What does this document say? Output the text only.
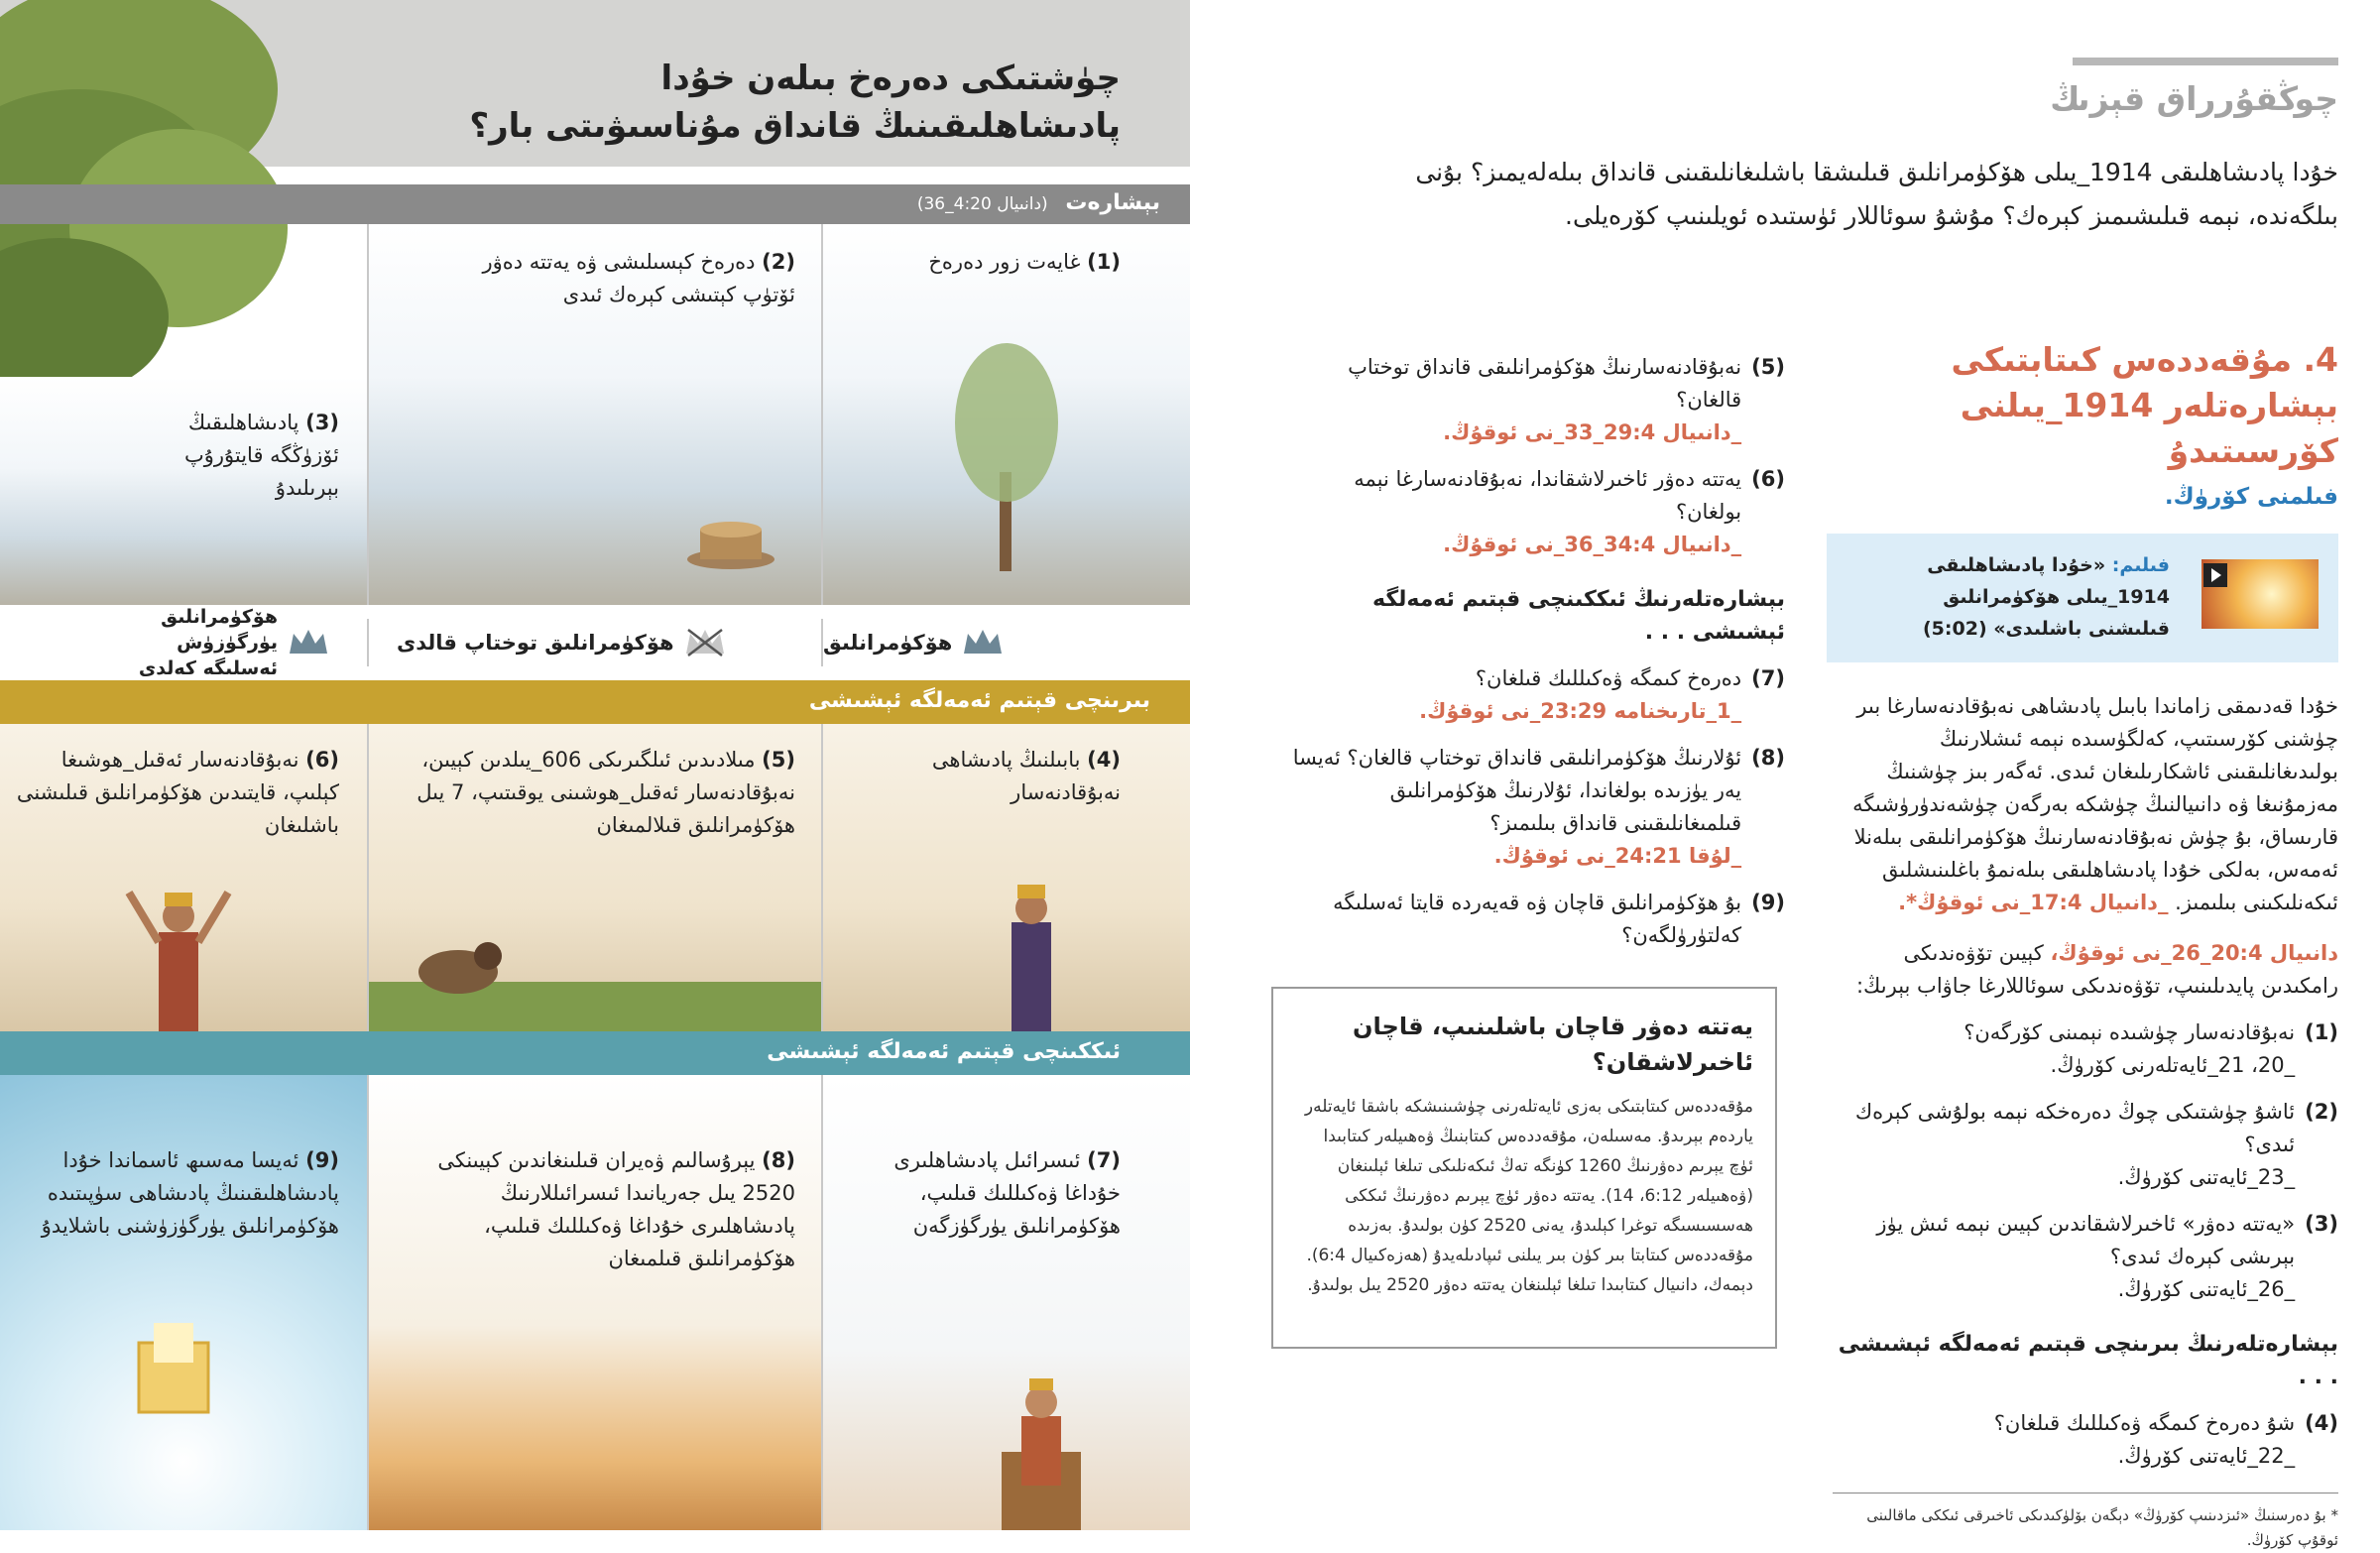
چۈشتىكى دەرەخ بىلەن خۇدا پادىشاھلىقىنىڭ قانداق مۇناسىۋىتى بار؟
بېشارەت (دانىيال 4:20_36)
(1) غايەت زور دەرەخ
(2) دەرەخ كېسىلىشى ۋە يەتتە دەۋر ئۆتۈپ كېتىشى كېرەك ئىدى
(3) پادىشاھلىقىڭ ئۆزۈڭگە قايتۇرۇپ بېرىلىدۇ
ھۆكۈمرانلىق
ھۆكۈمرانلىق توختاپ قالدى
ھۆكۈمرانلىق يۈرگۈزۈش ئەسلىگە كەلدى
بىرىنچى قېتىم ئەمەلگە ئېشىشى
(4) بابىلنىڭ پادىشاھى نەبۇقادنەسار
(5) مىلادىدىن ئىلگىرىكى 606_يىلدىن كېيىن، نەبۇقادنەسار ئەقىل_ھوشىنى يوقىتىپ، 7 يىل ھۆكۈمرانلىق قىلالمىغان
(6) نەبۇقادنەسار ئەقىل_ھوشىغا كېلىپ، قايتىدىن ھۆكۈمرانلىق قىلىشنى باشلىغان
ئىككىنچى قېتىم ئەمەلگە ئېشىشى
(7) ئىسرائىل پادىشاھلىرى خۇداغا ۋەكىللىك قىلىپ، ھۆكۈمرانلىق يۈرگۈزگەن
(8) يېرۇسالىم ۋەيران قىلىنغاندىن كېيىنكى 2520 يىل جەريانىدا ئىسرائىللارنىڭ پادىشاھلىرى خۇداغا ۋەكىللىك قىلىپ، ھۆكۈمرانلىق قىلمىغان
(9) ئەيسا مەسىھ ئاسماندا خۇدا پادىشاھلىقىنىڭ پادىشاھى سۈپىتىدە ھۆكۈمرانلىق يۈرگۈزۈشنى باشلايدۇ
چوڭقۇرراق قېزىڭ
خۇدا پادىشاھلىقى 1914_يىلى ھۆكۈمرانلىق قىلىشقا باشلىغانلىقىنى قانداق بىلەلەيمىز؟ بۇنى بىلگەندە، نېمە قىلىشىمىز كېرەك؟ مۇشۇ سوئاللار ئۈستىدە ئويلىنىپ كۆرەيلى.
4. مۇقەددەس كىتابتىكى بېشارەتلەر 1914_يىلنى كۆرسىتىدۇ
فىلمنى كۆرۈڭ.
فىلىم: «خۇدا پادىشاھلىقى 1914_يىلى ھۆكۈمرانلىق قىلىشنى باشلىدى» (5:02)
خۇدا قەدىمقى زاماندا بابىل پادىشاھى نەبۇقادنەسارغا بىر چۈشنى كۆرسىتىپ، كەلگۈسىدە نېمە ئىشلارنىڭ بولىدىغانلىقىنى ئاشكارىلىغان ئىدى. ئەگەر بىز چۈشنىڭ مەزمۇنىغا ۋە دانىيالنىڭ چۈشكە بەرگەن چۈشەندۈرۈشىگە قارىساق، بۇ چۈش نەبۇقادنەسارنىڭ ھۆكۈمرانلىقى بىلەنلا ئەمەس، بەلكى خۇدا پادىشاھلىقى بىلەنمۇ باغلىنىشلىق ئىكەنلىكىنى بىلىمىز. _دانىيال 17:4_نى ئوقۇڭ*.
دانىيال 20:4_26_نى ئوقۇڭ، كېيىن تۆۋەندىكى رامكىدىن پايدىلىنىپ، تۆۋەندىكى سوئاللارغا جاۋاب بېرىڭ:
(1)
نەبۇقادنەسار چۈشىدە نېمىنى كۆرگەن؟
_20، 21_ئايەتلەرنى كۆرۈڭ.
(2)
ئاشۇ چۈشتىكى چوڭ دەرەخكە نېمە بولۇشى كېرەك ئىدى؟
_23_ئايەتنى كۆرۈڭ.
(3)
«يەتتە دەۋر» ئاخىرلاشقاندىن كېيىن نېمە ئىش يۈز بېرىشى كېرەك ئىدى؟
_26_ئايەتنى كۆرۈڭ.
بېشارەتلەرنىڭ بىرىنچى قېتىم ئەمەلگە ئېشىشى . . .
(4)
شۇ دەرەخ كىمگە ۋەكىللىك قىلغان؟
_22_ئايەتنى كۆرۈڭ.
* بۇ دەرسنىڭ «ئىزدىنىپ كۆرۈڭ» دېگەن بۆلۈكىدىكى ئاخىرقى ئىككى ماقالىنى ئوقۇپ كۆرۈڭ.
(5)
نەبۇقادنەسارنىڭ ھۆكۈمرانلىقى قانداق توختاپ قالغان؟
_دانىيال 29:4_33_نى ئوقۇڭ.
(6)
يەتتە دەۋر ئاخىرلاشقاندا، نەبۇقادنەسارغا نېمە بولغان؟
_دانىيال 34:4_36_نى ئوقۇڭ.
بېشارەتلەرنىڭ ئىككىنچى قېتىم ئەمەلگە ئېشىشى . . .
(7)
دەرەخ كىمگە ۋەكىللىك قىلغان؟
_1_تارىخنامە 23:29_نى ئوقۇڭ.
(8)
ئۇلارنىڭ ھۆكۈمرانلىقى قانداق توختاپ قالغان؟ ئەيسا يەر يۈزىدە بولغاندا، ئۇلارنىڭ ھۆكۈمرانلىق قىلمىغانلىقىنى قانداق بىلىمىز؟
_لۇقا 24:21_نى ئوقۇڭ.
(9)
بۇ ھۆكۈمرانلىق قاچان ۋە قەيەردە قايتا ئەسلىگە كەلتۈرۈلگەن؟
يەتتە دەۋر قاچان باشلىنىپ، قاچان ئاخىرلاشقان؟

مۇقەددەس كىتابتىكى بەزى ئايەتلەرنى چۈشىنىشكە باشقا ئايەتلەر ياردەم بېرىدۇ. مەسىلەن، مۇقەددەس كىتابنىڭ ۋەھىيلەر كىتابىدا ئۈچ يېرىم دەۋرنىڭ 1260 كۈنگە تەڭ ئىكەنلىكى تىلغا ئېلىنغان (ۋەھىيلەر 6:12، 14). يەتتە دەۋر ئۈچ يېرىم دەۋرنىڭ ئىككى ھەسسىسىگە توغرا كېلىدۇ، يەنى 2520 كۈن بولىدۇ. بەزىدە مۇقەددەس كىتابتا بىر كۈن بىر يىلنى ئىپادىلەيدۇ (ھەزەكىيال 6:4). دېمەك، دانىيال كىتابىدا تىلغا ئېلىنغان يەتتە دەۋر 2520 يىل بولىدۇ.
